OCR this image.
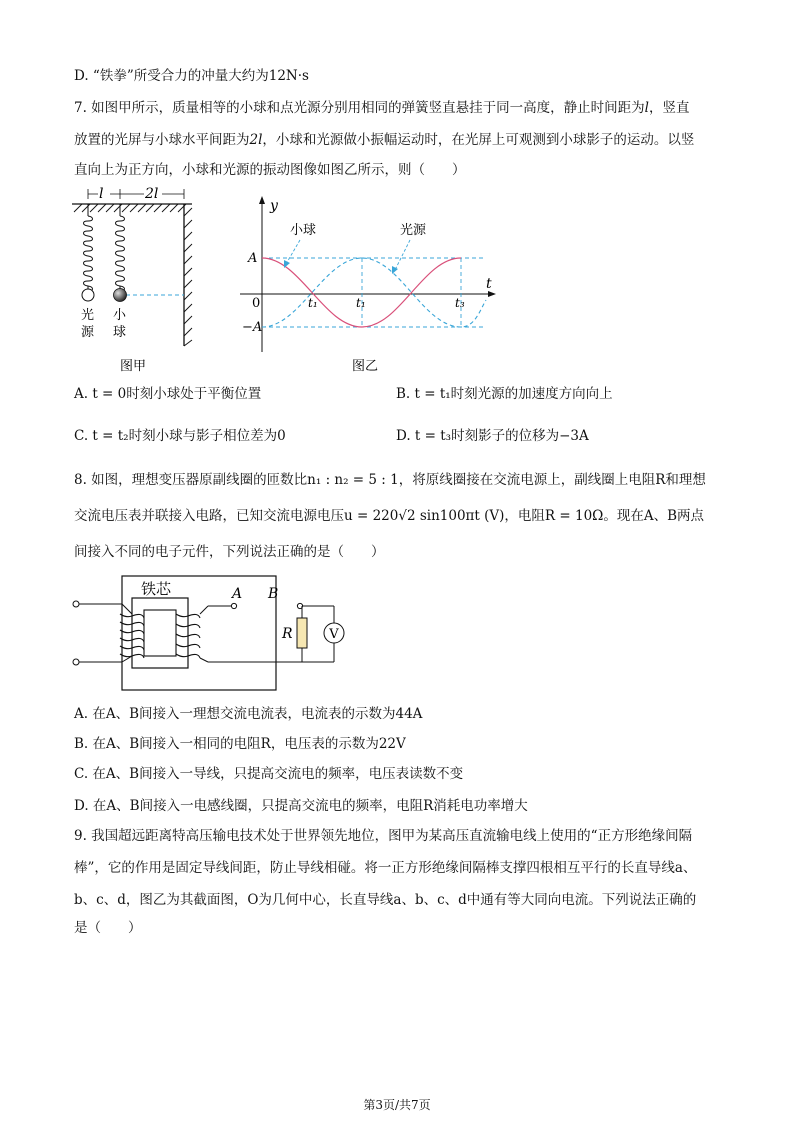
D. “铁拳”所受合力的冲量大约为12N·s
7. 如图甲所示，质量相等的小球和点光源分别用相同的弹簧竖直悬挂于同一高度，静止时间距为l，竖直
放置的光屏与小球水平间距为2l，小球和光源做小振幅运动时，在光屏上可观测到小球影子的运动。以竖
直向上为正方向，小球和光源的振动图像如图乙所示，则（　　）
l	2l
光
源
小
球
图甲
y
t
小球	光源
A
−A
0	t₁	t₁	t₃
图乙
A. t = 0时刻小球处于平衡位置	B. t = t₁时刻光源的加速度方向向上
C. t = t₂时刻小球与影子相位差为0	D. t = t₃时刻影子的位移为−3A
8. 如图，理想变压器原副线圈的匝数比n₁ : n₂ = 5 : 1，将原线圈接在交流电源上，副线圈上电阻R和理想
交流电压表并联接入电路，已知交流电源电压u = 220√2 sin100πt (V)，电阻R = 10Ω。现在A、B两点
间接入不同的电子元件，下列说法正确的是（　　）
铁芯	A B
R	V
A. 在A、B间接入一理想交流电流表，电流表的示数为44A
B. 在A、B间接入一相同的电阻R，电压表的示数为22V
C. 在A、B间接入一导线，只提高交流电的频率，电压表读数不变
D. 在A、B间接入一电感线圈，只提高交流电的频率，电阻R消耗电功率增大
9. 我国超远距离特高压输电技术处于世界领先地位，图甲为某高压直流输电线上使用的“正方形绝缘间隔
棒”，它的作用是固定导线间距，防止导线相碰。将一正方形绝缘间隔棒支撑四根相互平行的长直导线a、
b、c、d，图乙为其截面图，O为几何中心，长直导线a、b、c、d中通有等大同向电流。下列说法正确的
是（　　）
第3页/共7页
